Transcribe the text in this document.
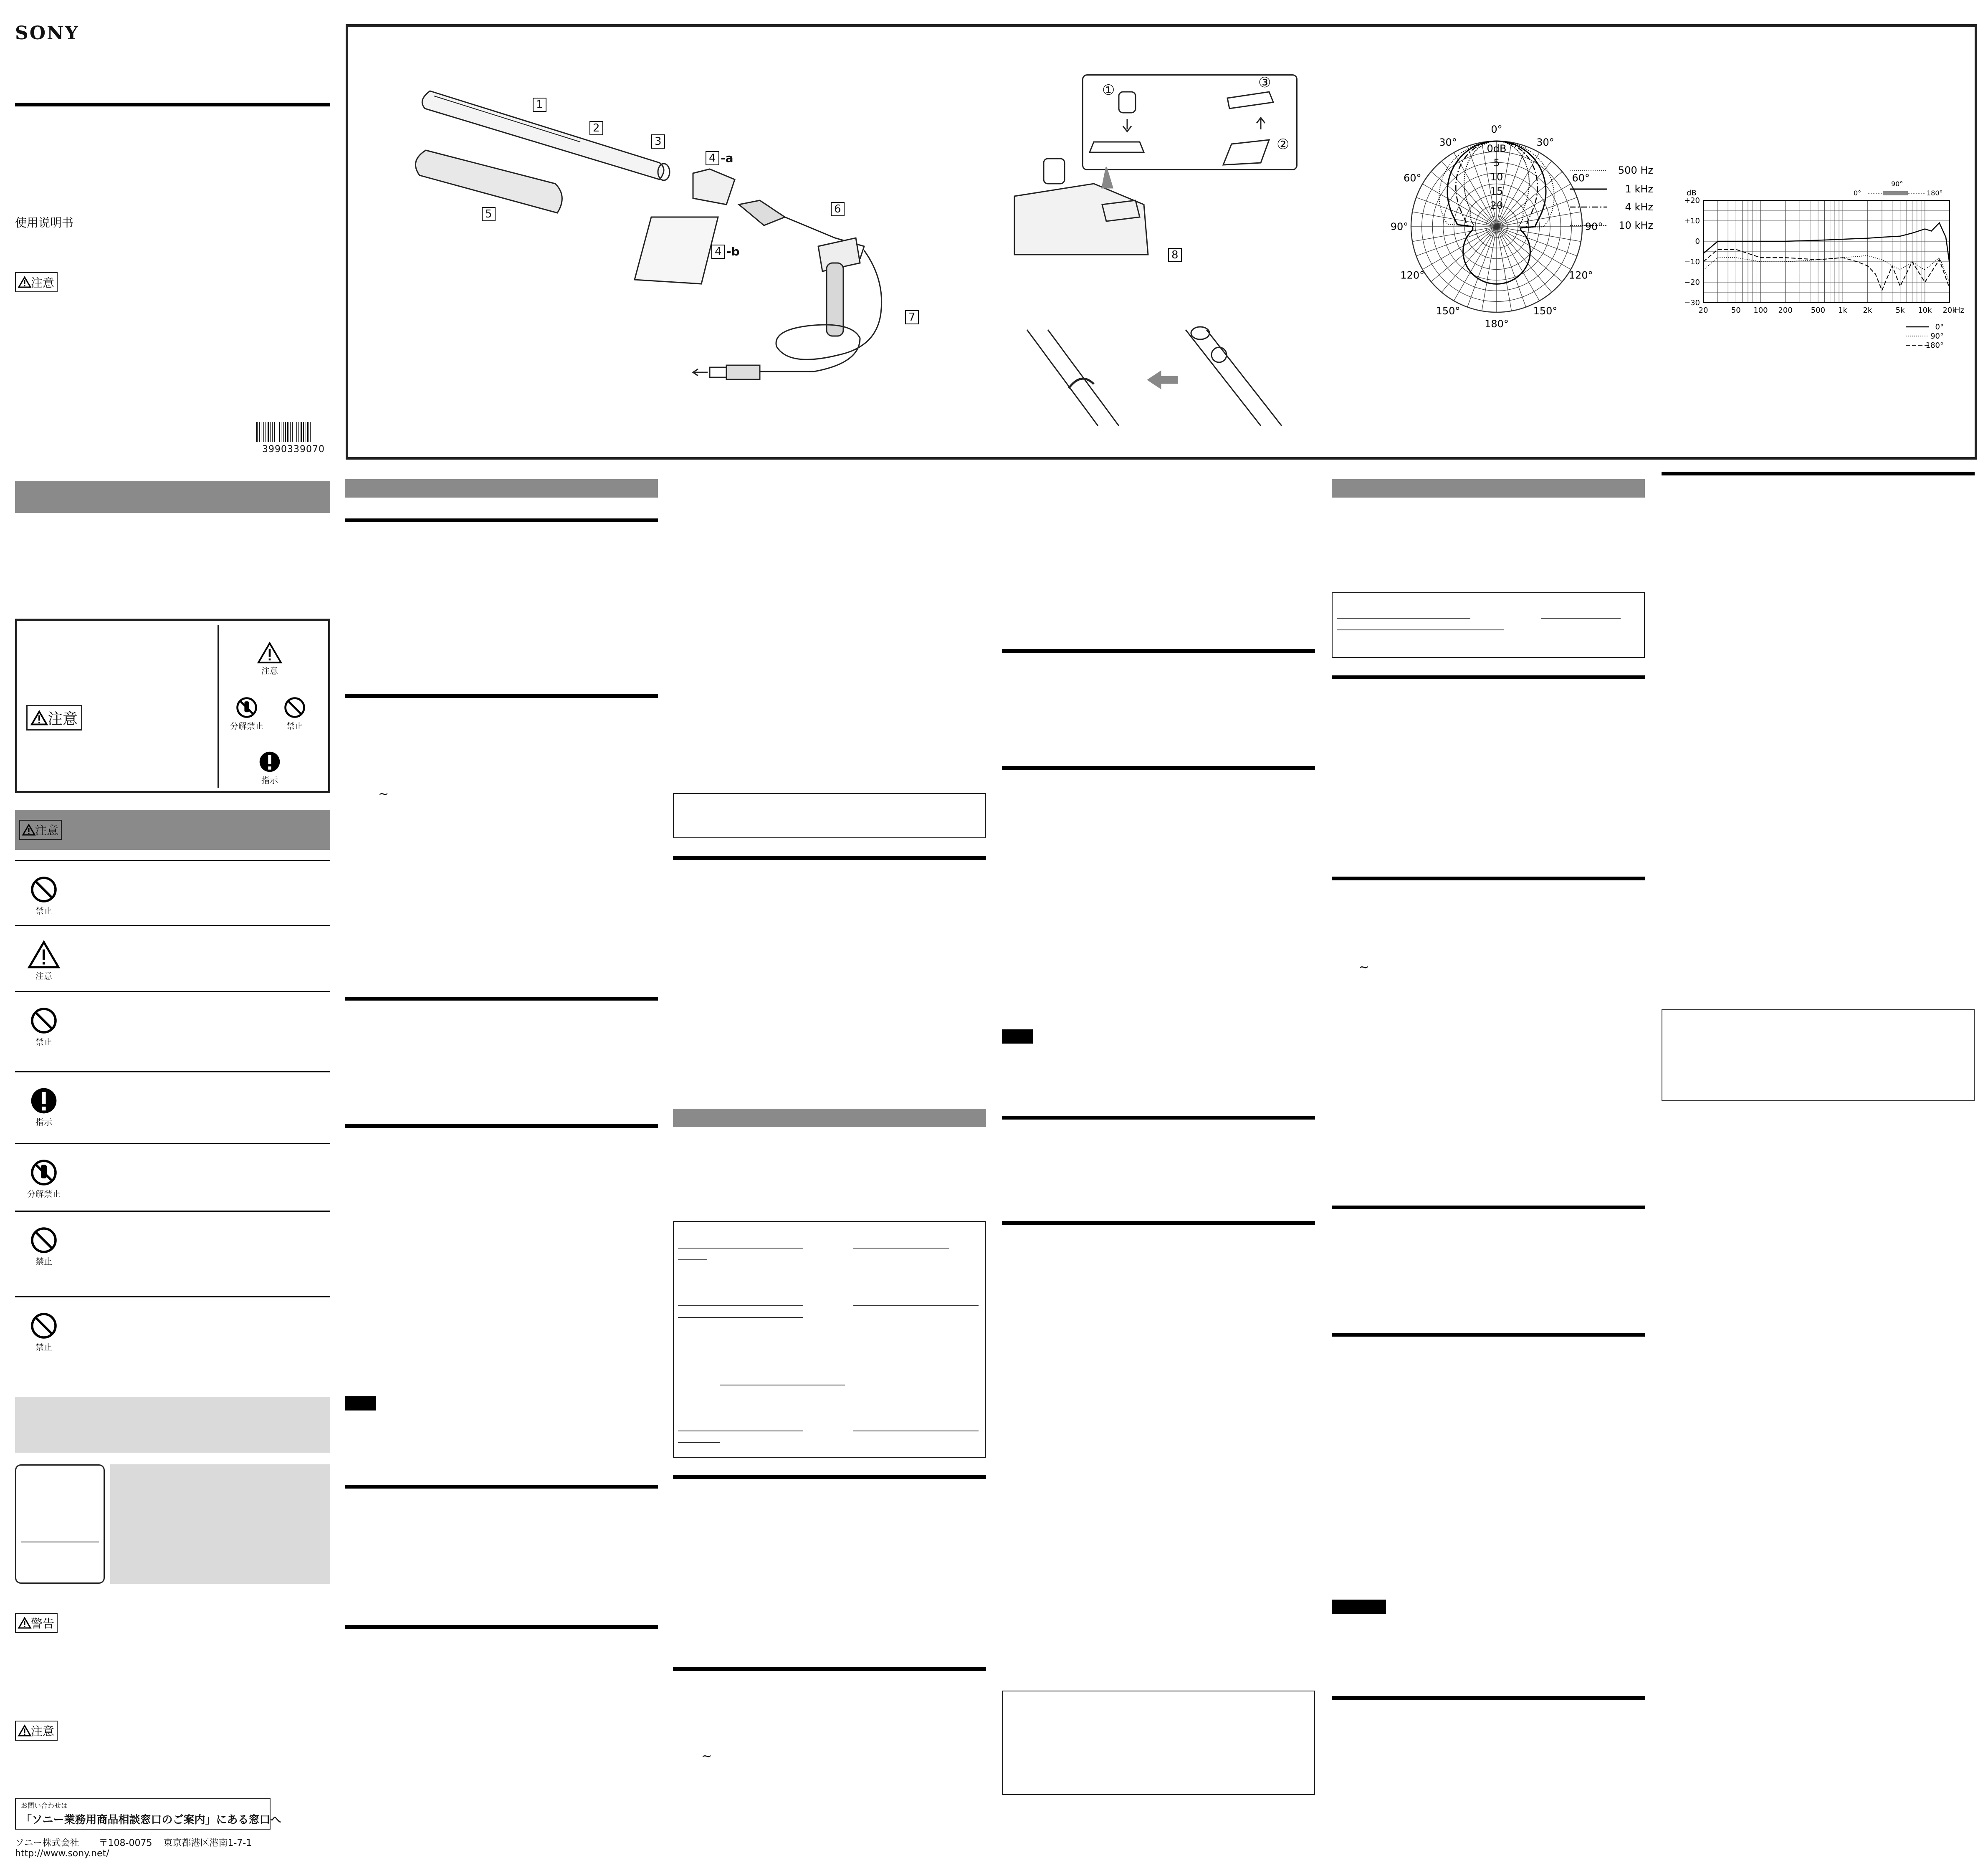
SONY
使用说明书
注意
3990339070
注意
注意
分解禁止	禁止
指示
注意
禁止
注意
禁止
指示
分解禁止
禁止
禁止
警告
注意
お問い合わせは
「ソニー業務用商品相談窓口のご案内」にある窓口へ
ソニー株式会社 〒108-0075 東京都港区港南1-7-1
http://www.sony.net/
1
2
3
4
5	6
7
8
-a
-b
4
①
②
③
0°
30°
30°
60°
60°
90°
90°
120°
120°
150°
150°
180°
0dB
5
10
15
20
500 Hz
1 kHz
4 kHz
10 kHz
dB
+20
+10
0
−10
−20
−30
20	50 100 200 500 1k 2k	5k 10k 20k
Hz
0°
90°
180°
90°
0°	180°
~
~
~
